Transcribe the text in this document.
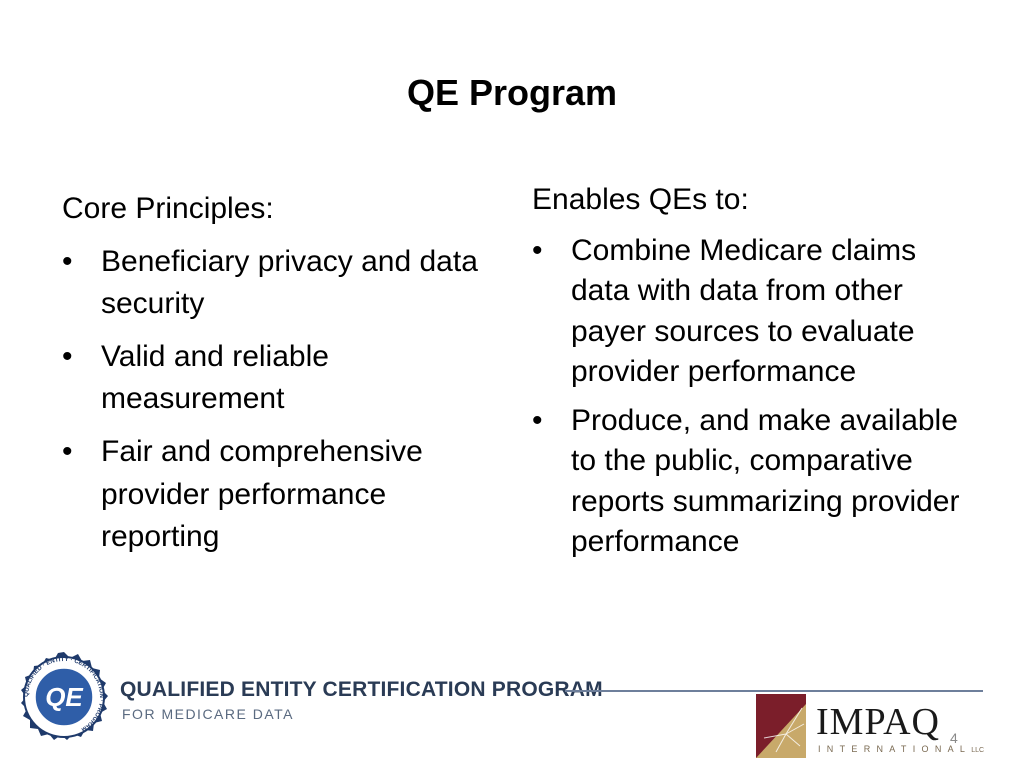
QE Program
Core Principles:
• Beneficiary privacy and data security
• Valid and reliable measurement
• Fair and comprehensive provider performance reporting
Enables QEs to:
• Combine Medicare claims data with data from other payer sources to evaluate provider performance
• Produce, and make available to the public, comparative reports summarizing provider performance
QUALIFIED · ENTITY · CERTIFICATION · PROGRAM
QE QUALIFIED ENTITY CERTIFICATION PROGRAM
FOR MEDICARE DATA	IMPAQ
INTERNATIONALLLC
4
